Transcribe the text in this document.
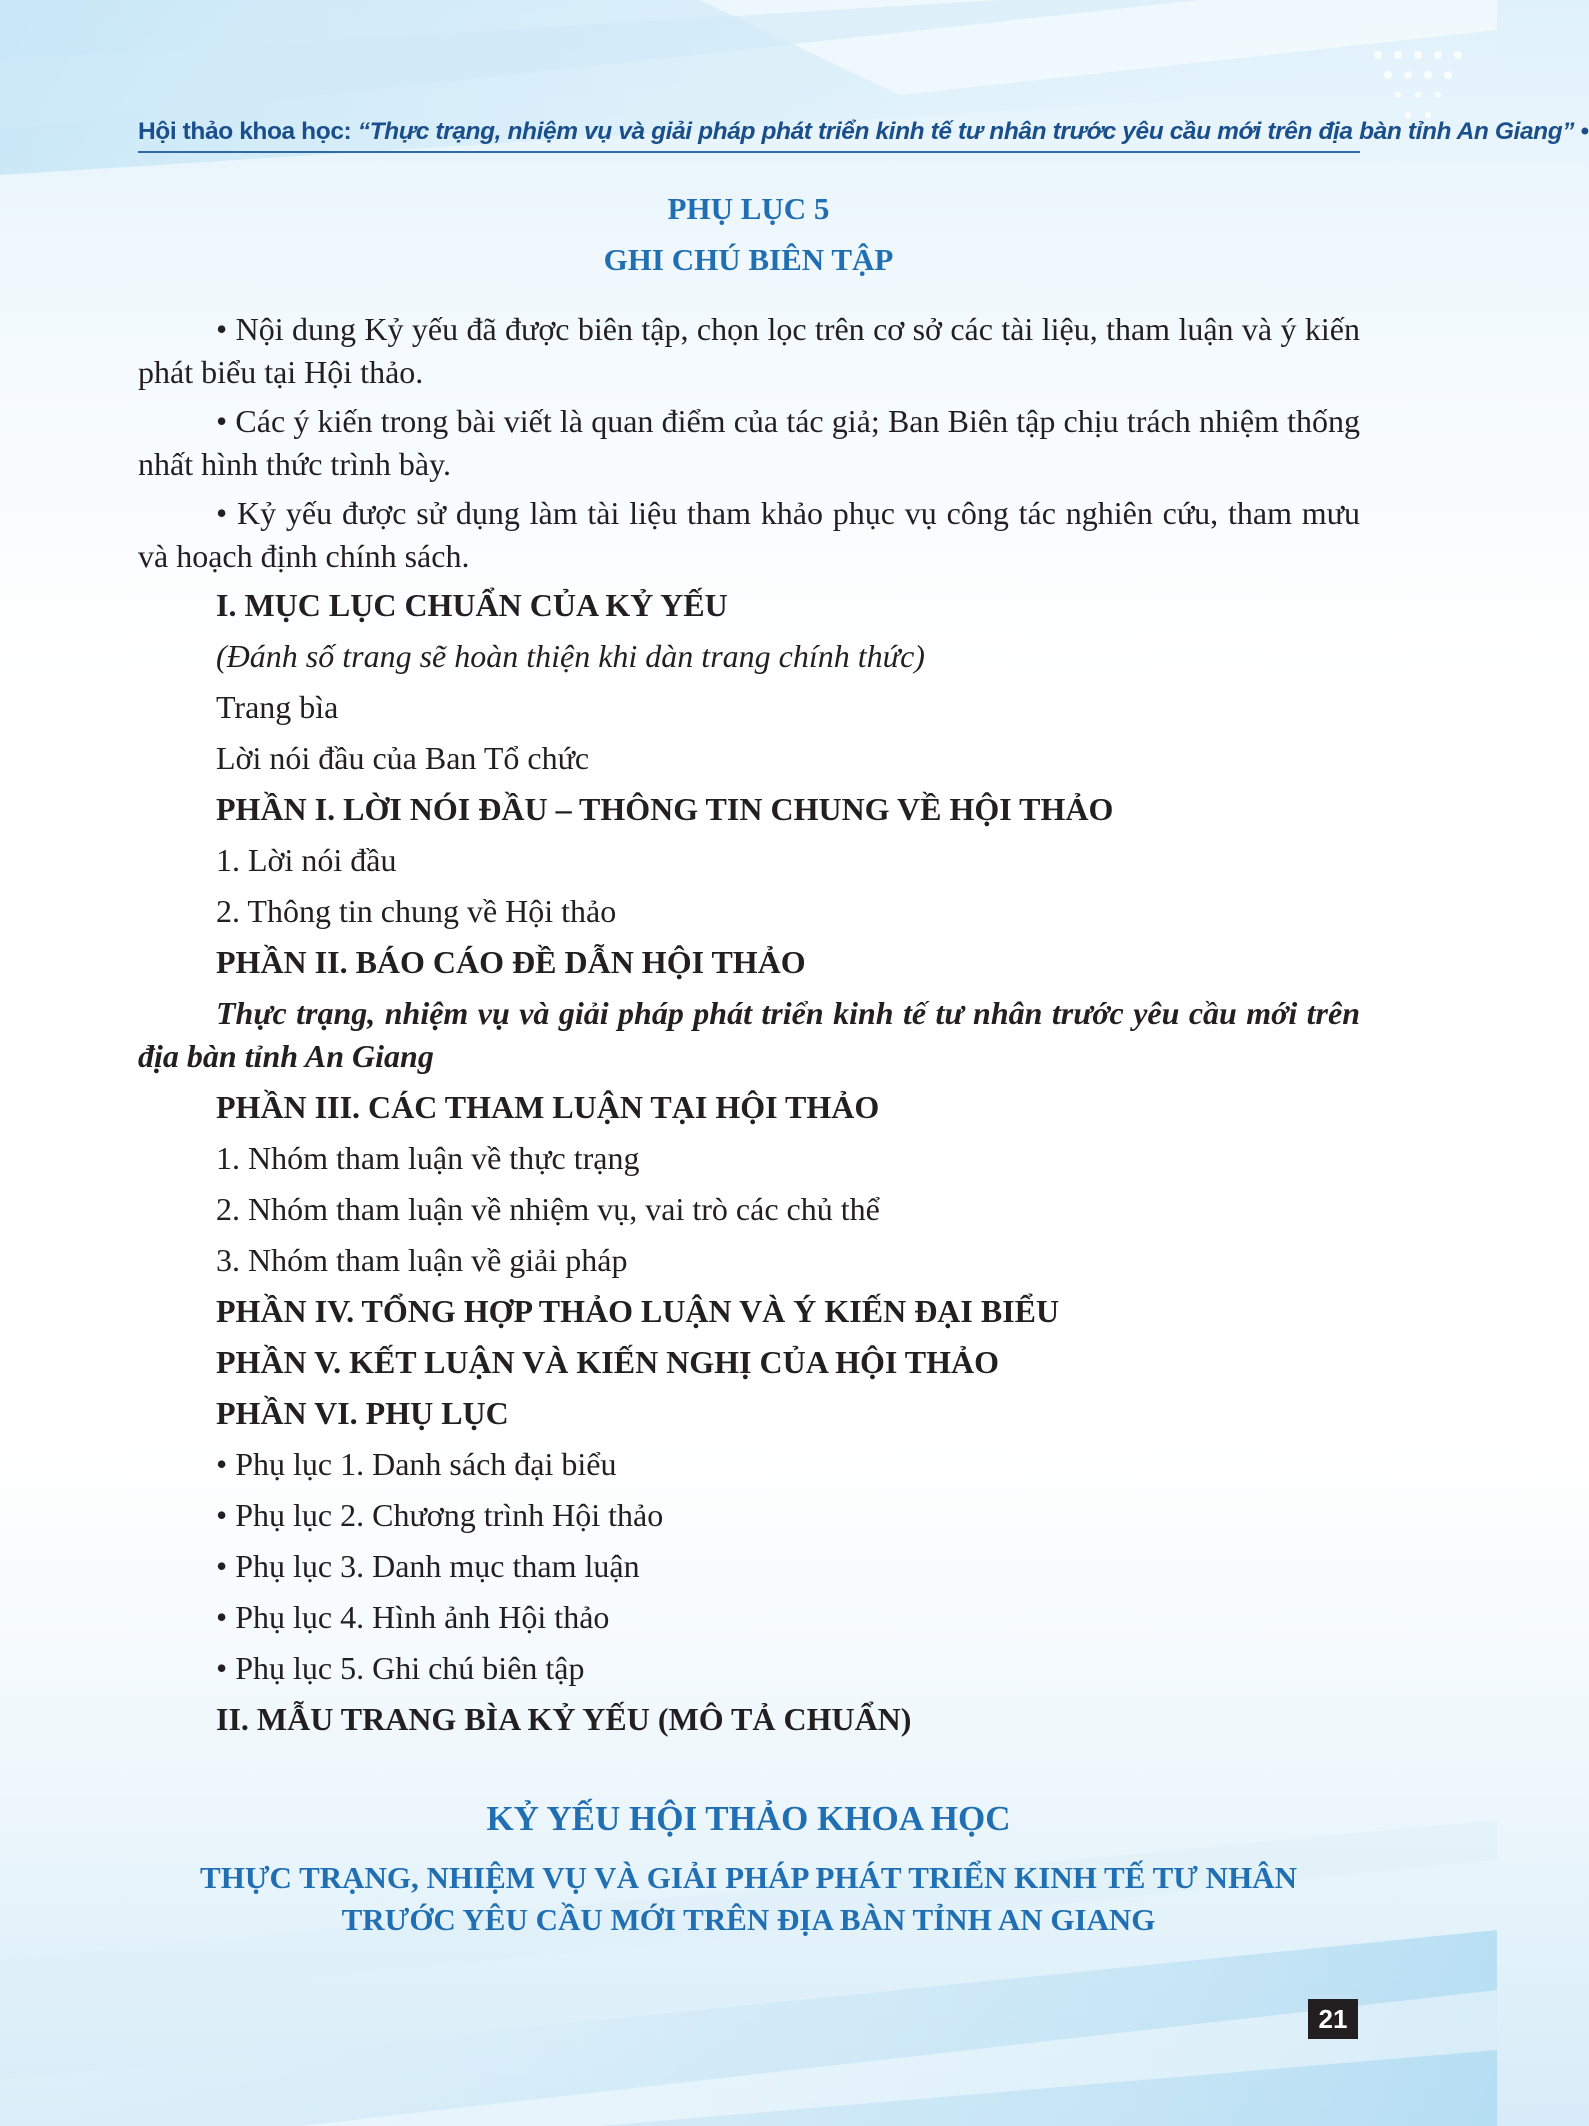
Hội thảo khoa học: “Thực trạng, nhiệm vụ và giải pháp phát triển kinh tế tư nhân trước yêu cầu mới trên địa bàn tỉnh An Giang” •
PHỤ LỤC 5
GHI CHÚ BIÊN TẬP

• Nội dung Kỷ yếu đã được biên tập, chọn lọc trên cơ sở các tài liệu, tham luận và ý kiến phát biểu tại Hội thảo.

• Các ý kiến trong bài viết là quan điểm của tác giả; Ban Biên tập chịu trách nhiệm thống nhất hình thức trình bày.

• Kỷ yếu được sử dụng làm tài liệu tham khảo phục vụ công tác nghiên cứu, tham mưu và hoạch định chính sách.

I. MỤC LỤC CHUẨN CỦA KỶ YẾU
(Đánh số trang sẽ hoàn thiện khi dàn trang chính thức)
Trang bìa
Lời nói đầu của Ban Tổ chức
PHẦN I. LỜI NÓI ĐẦU – THÔNG TIN CHUNG VỀ HỘI THẢO
1. Lời nói đầu
2. Thông tin chung về Hội thảo
PHẦN II. BÁO CÁO ĐỀ DẪN HỘI THẢO

Thực trạng, nhiệm vụ và giải pháp phát triển kinh tế tư nhân trước yêu cầu mới trên địa bàn tỉnh An Giang

PHẦN III. CÁC THAM LUẬN TẠI HỘI THẢO
1. Nhóm tham luận về thực trạng
2. Nhóm tham luận về nhiệm vụ, vai trò các chủ thể
3. Nhóm tham luận về giải pháp
PHẦN IV. TỔNG HỢP THẢO LUẬN VÀ Ý KIẾN ĐẠI BIỂU
PHẦN V. KẾT LUẬN VÀ KIẾN NGHỊ CỦA HỘI THẢO
PHẦN VI. PHỤ LỤC
• Phụ lục 1. Danh sách đại biểu
• Phụ lục 2. Chương trình Hội thảo
• Phụ lục 3. Danh mục tham luận
• Phụ lục 4. Hình ảnh Hội thảo
• Phụ lục 5. Ghi chú biên tập
II. MẪU TRANG BÌA KỶ YẾU (MÔ TẢ CHUẨN)
KỶ YẾU HỘI THẢO KHOA HỌC
THỰC TRẠNG, NHIỆM VỤ VÀ GIẢI PHÁP PHÁT TRIỂN KINH TẾ TƯ NHÂN
TRƯỚC YÊU CẦU MỚI TRÊN ĐỊA BÀN TỈNH AN GIANG
21
